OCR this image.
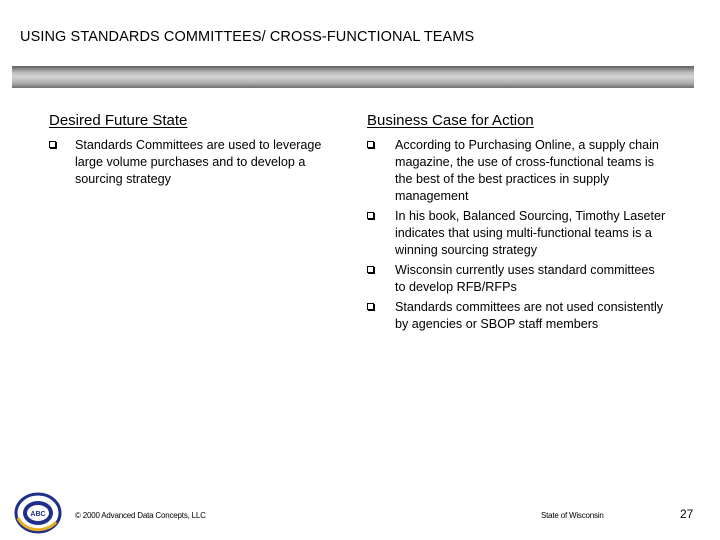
USING STANDARDS COMMITTEES/ CROSS-FUNCTIONAL TEAMS
Desired Future State
Standards Committees are used to leverage large volume purchases and to develop a sourcing strategy
Business Case for Action
According to Purchasing Online, a supply chain magazine, the use of cross-functional teams is the best of the best practices in supply management
In his book, Balanced Sourcing, Timothy Laseter indicates that using multi-functional teams is a winning sourcing strategy
Wisconsin currently uses standard committees to develop RFB/RFPs
Standards committees are not used consistently by agencies or SBOP staff members
ABC	© 2000 Advanced Data Concepts, LLC	State of Wisconsin	27
